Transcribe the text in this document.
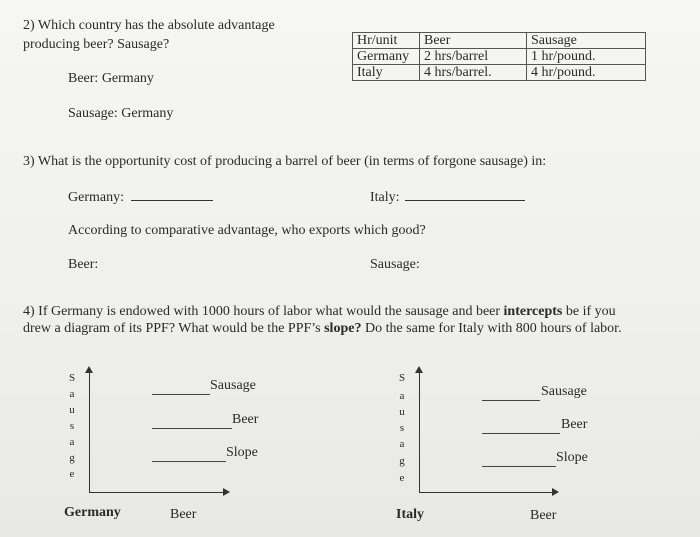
2) Which country has the absolute advantage
producing beer? Sausage?
Beer: Germany
Sausage: Germany
Hr/unit	Beer	Sausage
Germany	2 hrs/barrel	1 hr/pound.
Italy	4 hrs/barrel.	4 hr/pound.
3) What is the opportunity cost of producing a barrel of beer (in terms of forgone sausage) in:
Germany:	Italy:
According to comparative advantage, who exports which good?
Beer:	Sausage:
4) If Germany is endowed with 1000 hours of labor what would the sausage and beer intercepts be if you
drew a diagram of its PPF? What would be the PPF’s slope? Do the same for Italy with 800 hours of labor.
S
a
u
s
a
g
e
Sausage
Beer
Slope
Germany	Beer
S
a
u
s
a
g
e
Sausage
Beer
Slope
Italy	Beer
